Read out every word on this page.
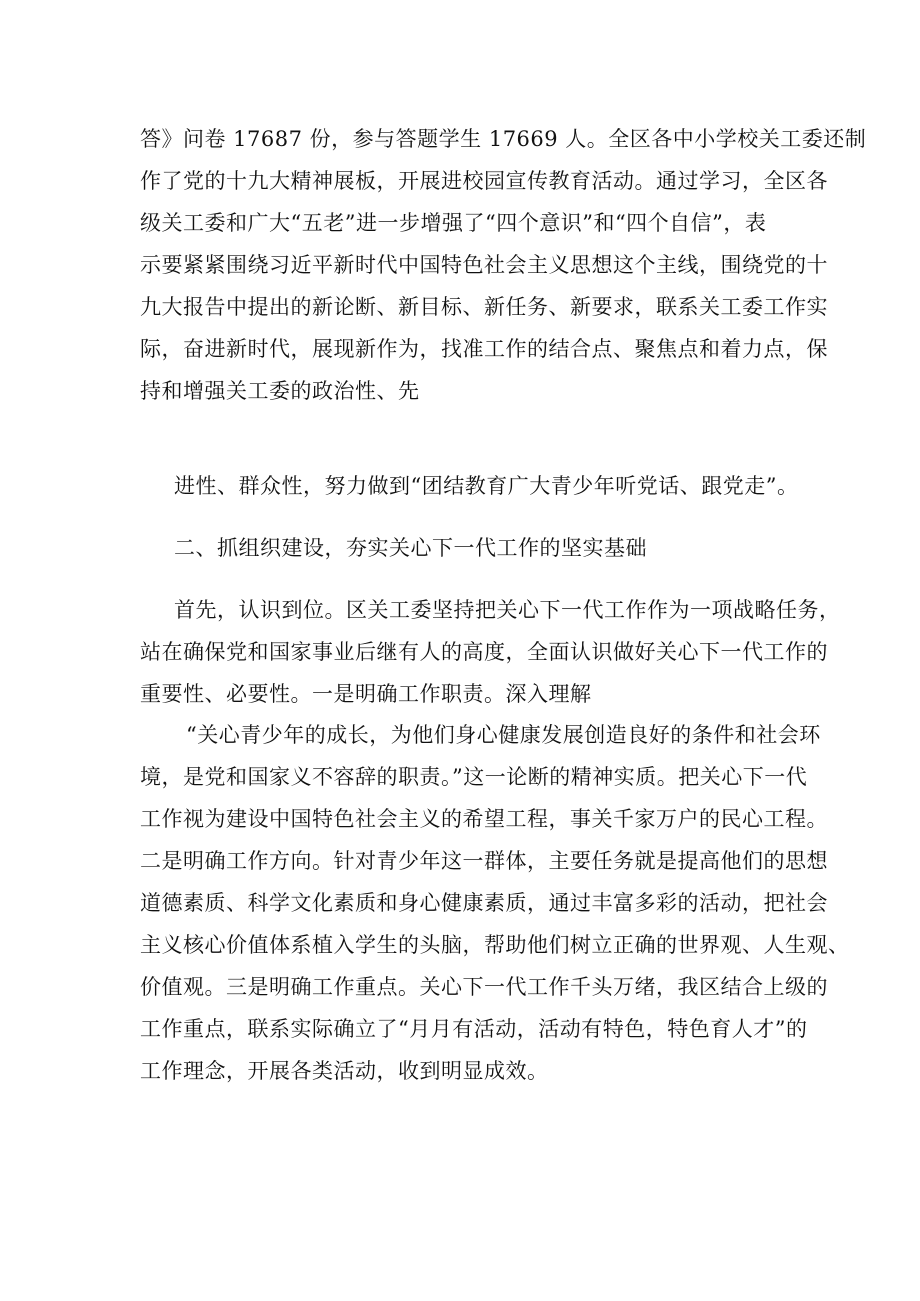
答》问卷 17687 份，参与答题学生 17669 人。全区各中小学校关工委还制
作了党的十九大精神展板，开展进校园宣传教育活动。通过学习，全区各
级关工委和广大“五老”进一步增强了“四个意识”和“四个自信”，表
示要紧紧围绕习近平新时代中国特色社会主义思想这个主线，围绕党的十
九大报告中提出的新论断、新目标、新任务、新要求，联系关工委工作实
际，奋进新时代，展现新作为，找准工作的结合点、聚焦点和着力点，保
持和增强关工委的政治性、先
进性、群众性，努力做到“团结教育广大青少年听党话、跟党走”。
二、抓组织建设，夯实关心下一代工作的坚实基础
首先，认识到位。区关工委坚持把关心下一代工作作为一项战略任务，
站在确保党和国家事业后继有人的高度，全面认识做好关心下一代工作的
重要性、必要性。一是明确工作职责。深入理解
“关心青少年的成长，为他们身心健康发展创造良好的条件和社会环
境，是党和国家义不容辞的职责。”这一论断的精神实质。把关心下一代
工作视为建设中国特色社会主义的希望工程，事关千家万户的民心工程。
二是明确工作方向。针对青少年这一群体，主要任务就是提高他们的思想
道德素质、科学文化素质和身心健康素质，通过丰富多彩的活动，把社会
主义核心价值体系植入学生的头脑，帮助他们树立正确的世界观、人生观、
价值观。三是明确工作重点。关心下一代工作千头万绪，我区结合上级的
工作重点，联系实际确立了“月月有活动，活动有特色，特色育人才”的
工作理念，开展各类活动，收到明显成效。
